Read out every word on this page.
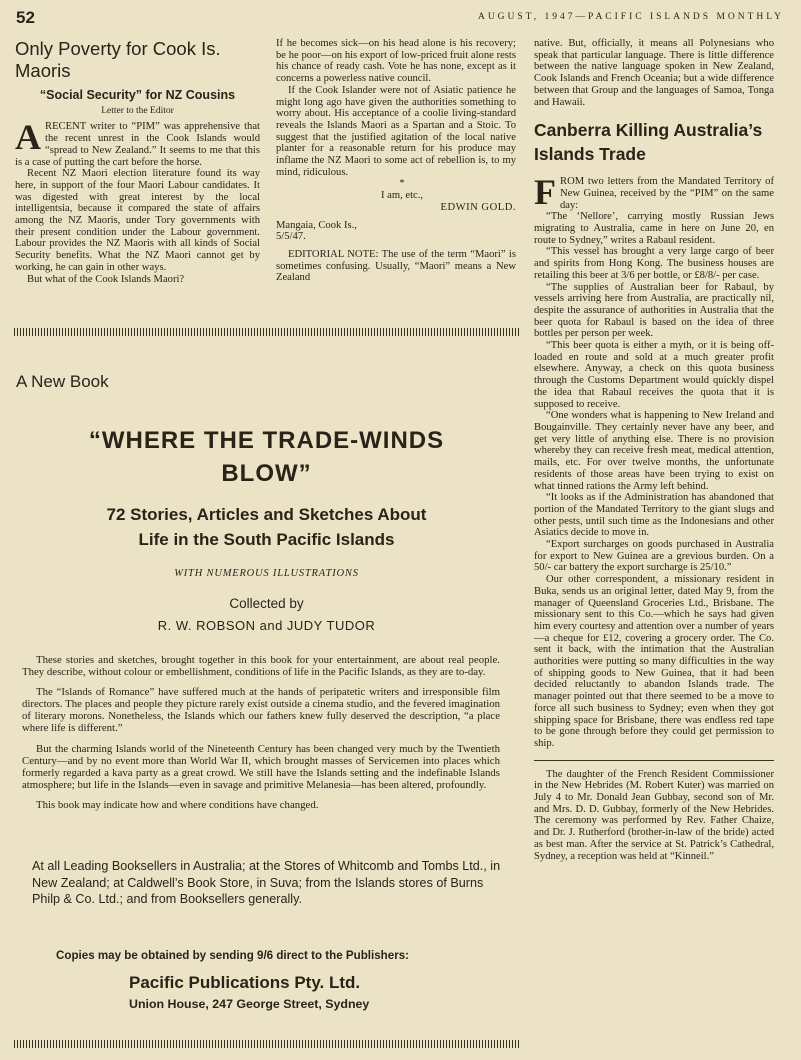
52	AUGUST, 1947—PACIFIC ISLANDS MONTHLY
Only Poverty for Cook Is. Maoris
“Social Security” for NZ Cousins
Letter to the Editor

ARECENT writer to “PIM” was apprehensive that the recent unrest in the Cook Islands would “spread to New Zealand.” It seems to me that this is a case of putting the cart before the horse.

Recent NZ Maori election literature found its way here, in support of the four Maori Labour candidates. It was digested with great interest by the local intelligentsia, because it compared the state of affairs among the NZ Maoris, under Tory governments with their present condition under the Labour government. Labour provides the NZ Maoris with all kinds of Social Security benefits. What the NZ Maori cannot get by working, he can gain in other ways.

But what of the Cook Islands Maori?

If he becomes sick—on his head alone is his recovery; be he poor—on his export of low-priced fruit alone rests his chance of ready cash. Vote he has none, except as it concerns a powerless native council.

If the Cook Islander were not of Asiatic patience he might long ago have given the authorities something to worry about. His acceptance of a coolie living-standard reveals the Islands Maori as a Spartan and a Stoic. To suggest that the justified agitation of the local native planter for a reasonable return for his produce may inflame the NZ Maori to some act of rebellion is, to my mind, ridiculous.

*

I am, etc.,

EDWIN GOLD.

Mangaia, Cook Is.,

5/5/47.

EDITORIAL NOTE: The use of the term “Maori” is sometimes confusing. Usually, “Maori” means a New Zealand

A New Book
“WHERE THE TRADE-WINDS
BLOW”
72 Stories, Articles and Sketches About
Life in the South Pacific Islands
WITH NUMEROUS ILLUSTRATIONS
Collected by
R. W. ROBSON and JUDY TUDOR

These stories and sketches, brought together in this book for your entertainment, are about real people. They describe, without colour or embellishment, conditions of life in the Pacific Islands, as they are to-day.

The “Islands of Romance” have suffered much at the hands of peripatetic writers and irresponsible film directors. The places and people they picture rarely exist outside a cinema studio, and the fevered imagination of literary morons. Nonetheless, the Islands which our fathers knew fully deserved the description, “a place where life is different.”

But the charming Islands world of the Nineteenth Century has been changed very much by the Twentieth Century—and by no event more than World War II, which brought masses of Servicemen into places which formerly regarded a kava party as a great crowd. We still have the Islands setting and the indefinable Islands atmosphere; but life in the Islands—even in savage and primitive Melanesia—has been altered, profoundly.

This book may indicate how and where conditions have changed.

At all Leading Booksellers in Australia; at the Stores of Whitcomb and Tombs Ltd., in New Zealand; at Caldwell’s Book Store, in Suva; from the Islands stores of Burns Philp & Co. Ltd.; and from Booksellers generally.
Copies may be obtained by sending 9/6 direct to the Publishers:
Pacific Publications Pty. Ltd.
Union House, 247 George Street, Sydney

native. But, officially, it means all Polynesians who speak that particular language. There is little difference between the native language spoken in New Zealand, Cook Islands and French Oceania; but a wide difference between that Group and the languages of Samoa, Tonga and Hawaii.

Canberra Killing Australia’s Islands Trade

FROM two letters from the Mandated Territory of New Guinea, received by the “PIM” on the same day:

“The ‘Nellore’, carrying mostly Russian Jews migrating to Australia, came in here on June 20, en route to Sydney,” writes a Rabaul resident.

“This vessel has brought a very large cargo of beer and spirits from Hong Kong. The business houses are retailing this beer at 3/6 per bottle, or £8/8/- per case.

“The supplies of Australian beer for Rabaul, by vessels arriving here from Australia, are practically nil, despite the assurance of authorities in Australia that the beer quota for Rabaul is based on the idea of three bottles per person per week.

“This beer quota is either a myth, or it is being off-loaded en route and sold at a much greater profit elsewhere. Anyway, a check on this quota business through the Customs Department would quickly dispel the idea that Rabaul receives the quota that it is supposed to receive.

“One wonders what is happening to New Ireland and Bougainville. They certainly never have any beer, and get very little of anything else. There is no provision whereby they can receive fresh meat, medical attention, mails, etc. For over twelve months, the unfortunate residents of those areas have been trying to exist on what tinned rations the Army left behind.

“It looks as if the Administration has abandoned that portion of the Mandated Territory to the giant slugs and other pests, until such time as the Indonesians and other Asiatics decide to move in.

“Export surcharges on goods purchased in Australia for export to New Guinea are a grevious burden. On a 50/- car battery the export surcharge is 25/10.”

Our other correspondent, a missionary resident in Buka, sends us an original letter, dated May 9, from the manager of Queensland Groceries Ltd., Brisbane. The missionary sent to this Co.—which he says had given him every courtesy and attention over a number of years—a cheque for £12, covering a grocery order. The Co. sent it back, with the intimation that the Australian authorities were putting so many difficulties in the way of shipping goods to New Guinea, that it had been decided reluctantly to abandon Islands trade. The manager pointed out that there seemed to be a move to force all such business to Sydney; even when they got shipping space for Brisbane, there was endless red tape to be gone through before they could get permission to ship.

The daughter of the French Resident Commissioner in the New Hebrides (M. Robert Kuter) was married on July 4 to Mr. Donald Jean Gubbay, second son of Mr. and Mrs. D. D. Gubbay, formerly of the New Hebrides. The ceremony was performed by Rev. Father Chaize, and Dr. J. Rutherford (brother-in-law of the bride) acted as best man. After the service at St. Patrick’s Cathedral, Sydney, a reception was held at “Kinneil.”
